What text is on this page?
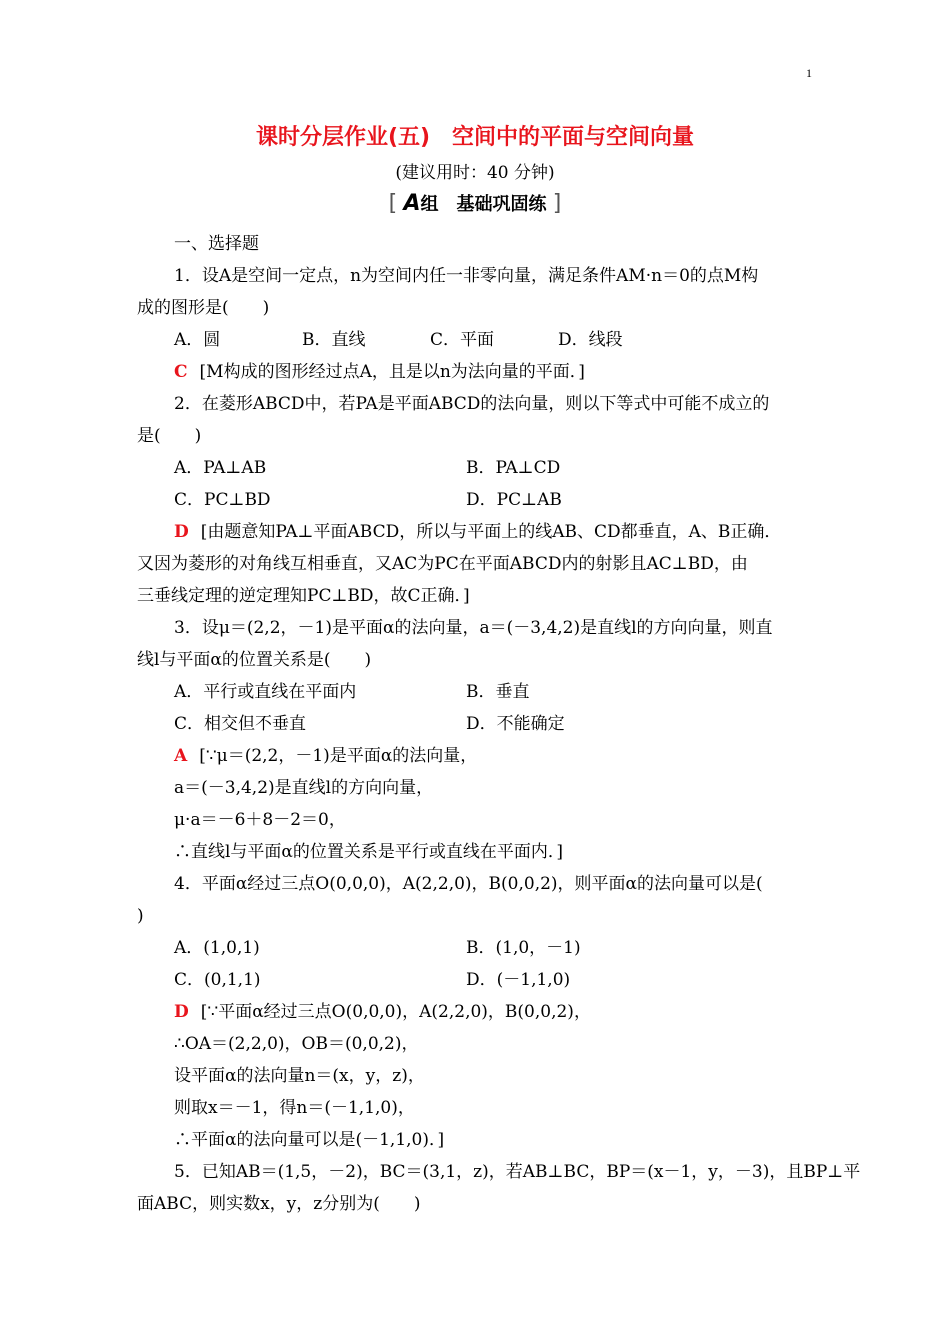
1
课时分层作业(五)　空间中的平面与空间向量
(建议用时：40 分钟)
[ A组　基础巩固练 ]
一、选择题
1．设A是空间一定点，n为空间内任一非零向量，满足条件AM·n＝0的点M构
成的图形是(　　)
A．圆	B．直线	C．平面	D．线段
C [M构成的图形经过点A，且是以n为法向量的平面．]
2．在菱形ABCD中，若PA是平面ABCD的法向量，则以下等式中可能不成立的
是(　　)
A．PA⊥AB	B．PA⊥CD
C．PC⊥BD	D．PC⊥AB
D [由题意知PA⊥平面ABCD，所以与平面上的线AB、CD都垂直，A、B正确．
又因为菱形的对角线互相垂直，又AC为PC在平面ABCD内的射影且AC⊥BD，由
三垂线定理的逆定理知PC⊥BD，故C正确．]
3．设μ＝(2,2，－1)是平面α的法向量，a＝(－3,4,2)是直线l的方向向量，则直
线l与平面α的位置关系是(　　)
A．平行或直线在平面内	B．垂直
C．相交但不垂直	D．不能确定
A [∵μ＝(2,2，－1)是平面α的法向量，
a＝(－3,4,2)是直线l的方向向量，
μ·a＝－6＋8－2＝0，
∴直线l与平面α的位置关系是平行或直线在平面内．]
4．平面α经过三点O(0,0,0)，A(2,2,0)，B(0,0,2)，则平面α的法向量可以是(
)
A．(1,0,1)	B．(1,0，－1)
C．(0,1,1)	D．(－1,1,0)
D [∵平面α经过三点O(0,0,0)，A(2,2,0)，B(0,0,2)，
∴OA＝(2,2,0)，OB＝(0,0,2)，
设平面α的法向量n＝(x，y，z)，
则取x＝－1，得n＝(－1,1,0)，
∴平面α的法向量可以是(－1,1,0)．]
5．已知AB＝(1,5，－2)，BC＝(3,1，z)，若AB⊥BC，BP＝(x－1，y，－3)，且BP⊥平
面ABC，则实数x，y，z分别为(　　)
